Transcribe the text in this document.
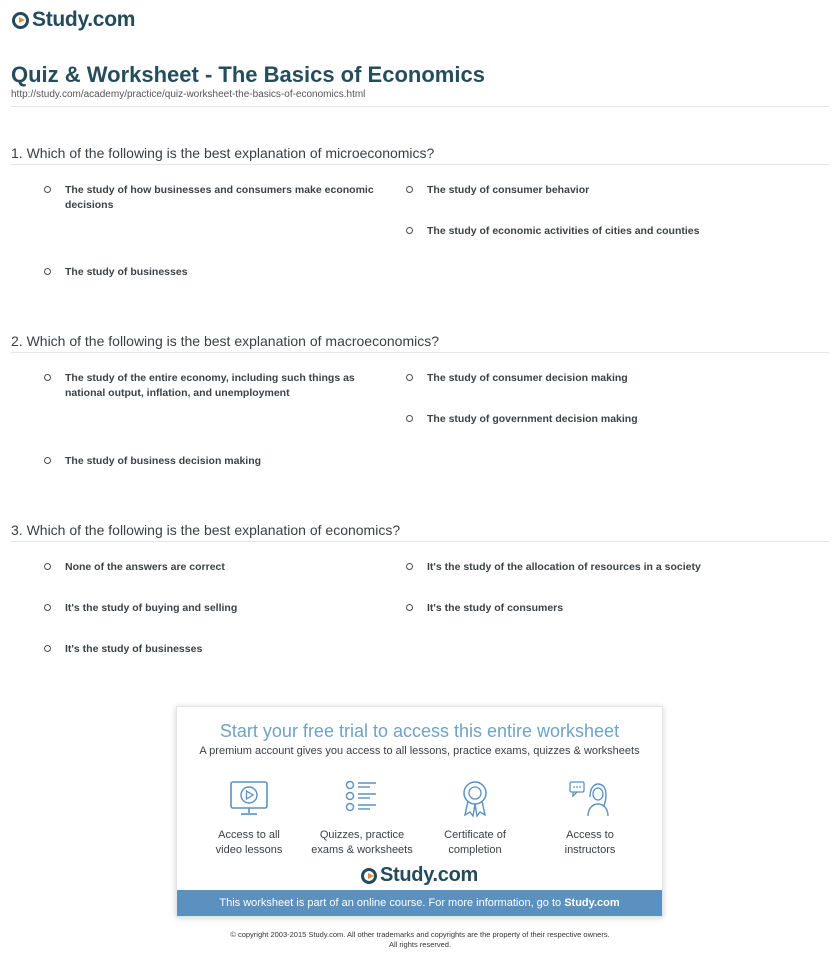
Study.com
Quiz & Worksheet - The Basics of Economics
http://study.com/academy/practice/quiz-worksheet-the-basics-of-economics.html
1. Which of the following is the best explanation of microeconomics?
The study of how businesses and consumers make economic decisions
The study of consumer behavior
The study of economic activities of cities and counties
The study of businesses
2. Which of the following is the best explanation of macroeconomics?
The study of the entire economy, including such things as national output, inflation, and unemployment
The study of consumer decision making
The study of government decision making
The study of business decision making
3. Which of the following is the best explanation of economics?
None of the answers are correct	It's the study of the allocation of resources in a society
It's the study of buying and selling	It's the study of consumers
It's the study of businesses
Start your free trial to access this entire worksheet
A premium account gives you access to all lessons, practice exams, quizzes & worksheets
Access to all
video lessons
Quizzes, practice
exams & worksheets
Certificate of
completion
Access to
instructors
Study.com
This worksheet is part of an online course. For more information, go to Study.com
© copyright 2003-2015 Study.com. All other trademarks and copyrights are the property of their respective owners.
All rights reserved.
